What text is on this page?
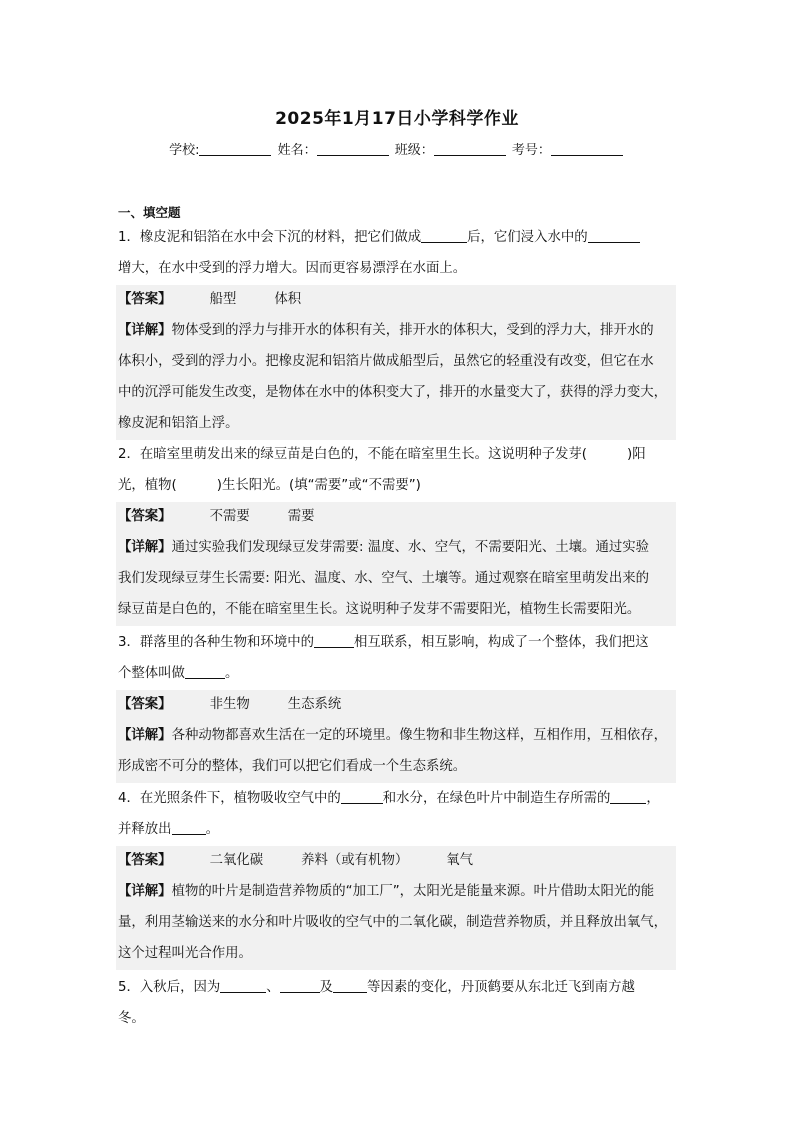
2025年1月17日小学科学作业
学校:	姓名：	班级：	考号：
一、填空题
1．橡皮泥和铝箔在水中会下沉的材料，把它们做成	后，它们浸入水中的
增大，在水中受到的浮力增大。因而更容易漂浮在水面上。
【答案】	船型	体积
【详解】物体受到的浮力与排开水的体积有关，排开水的体积大，受到的浮力大，排开水的
体积小，受到的浮力小。把橡皮泥和铝箔片做成船型后，虽然它的轻重没有改变，但它在水
中的沉浮可能发生改变，是物体在水中的体积变大了，排开的水量变大了，获得的浮力变大，
橡皮泥和铝箔上浮。
2．在暗室里萌发出来的绿豆苗是白色的，不能在暗室里生长。这说明种子发芽(	)阳
光，植物(	)生长阳光。(填“需要”或“不需要”)
【答案】	不需要	需要
【详解】通过实验我们发现绿豆发芽需要: 温度、水、空气，不需要阳光、土壤。通过实验
我们发现绿豆芽生长需要: 阳光、温度、水、空气、土壤等。通过观察在暗室里萌发出来的
绿豆苗是白色的，不能在暗室里生长。这说明种子发芽不需要阳光，植物生长需要阳光。
3．群落里的各种生物和环境中的	相互联系，相互影响，构成了一个整体，我们把这
个整体叫做	。
【答案】	非生物	生态系统
【详解】各种动物都喜欢生活在一定的环境里。像生物和非生物这样，互相作用，互相依存，
形成密不可分的整体，我们可以把它们看成一个生态系统。
4．在光照条件下，植物吸收空气中的	和水分，在绿色叶片中制造生存所需的	，
并释放出	。
【答案】	二氧化碳	养料（或有机物）	氧气
【详解】植物的叶片是制造营养物质的“加工厂”，太阳光是能量来源。叶片借助太阳光的能
量，利用茎输送来的水分和叶片吸收的空气中的二氧化碳，制造营养物质，并且释放出氧气，
这个过程叫光合作用。
5．入秋后，因为	、	及	等因素的变化，丹顶鹤要从东北迁飞到南方越
冬。
